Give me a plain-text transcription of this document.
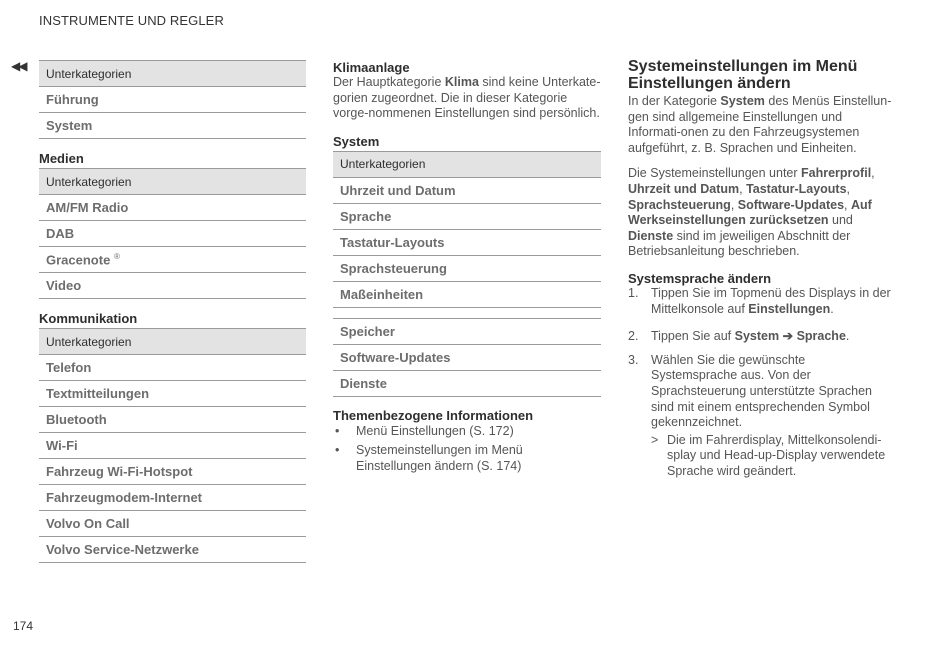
INSTRUMENTE UND REGLER
◀◀
Unterkategorien
Führung
System
Medien
Unterkategorien
AM/FM Radio
DAB
Gracenote ®
Video
Kommunikation
Unterkategorien
Telefon
Textmitteilungen
Bluetooth
Wi-Fi
Fahrzeug Wi-Fi-Hotspot
Fahrzeugmodem-Internet
Volvo On Call
Volvo Service-Netzwerke
Klimaanlage

Der Hauptkategorie Klima sind keine Unterkate-gorien zugeordnet. Die in dieser Kategorie vorge-nommenen Einstellungen sind persönlich.

System
Unterkategorien
Uhrzeit und Datum
Sprache
Tastatur-Layouts
Sprachsteuerung
Maßeinheiten

Speicher
Software-Updates
Dienste
Themenbezogene Informationen
• Menü Einstellungen (S. 172)
• Systemeinstellungen im Menü Einstellungen ändern (S. 174)
Systemeinstellungen im Menü Einstellungen ändern

In der Kategorie System des Menüs Einstellun-gen sind allgemeine Einstellungen und Informati-onen zu den Fahrzeugsystemen aufgeführt, z. B. Sprachen und Einheiten.

Die Systemeinstellungen unter Fahrerprofil, Uhrzeit und Datum, Tastatur-Layouts, Sprachsteuerung, Software-Updates, Auf Werkseinstellungen zurücksetzen und Dienste sind im jeweiligen Abschnitt der Betriebsanleitung beschrieben.

Systemsprache ändern
1. Tippen Sie im Topmenü des Displays in der Mittelkonsole auf Einstellungen.
2. Tippen Sie auf System ➔ Sprache.
3. Wählen Sie die gewünschte Systemsprache aus. Von der Sprachsteuerung unterstützte Sprachen sind mit einem entsprechenden Symbol gekennzeichnet.
> Die im Fahrerdisplay, Mittelkonsolendi-splay und Head-up-Display verwendete Sprache wird geändert.
174
